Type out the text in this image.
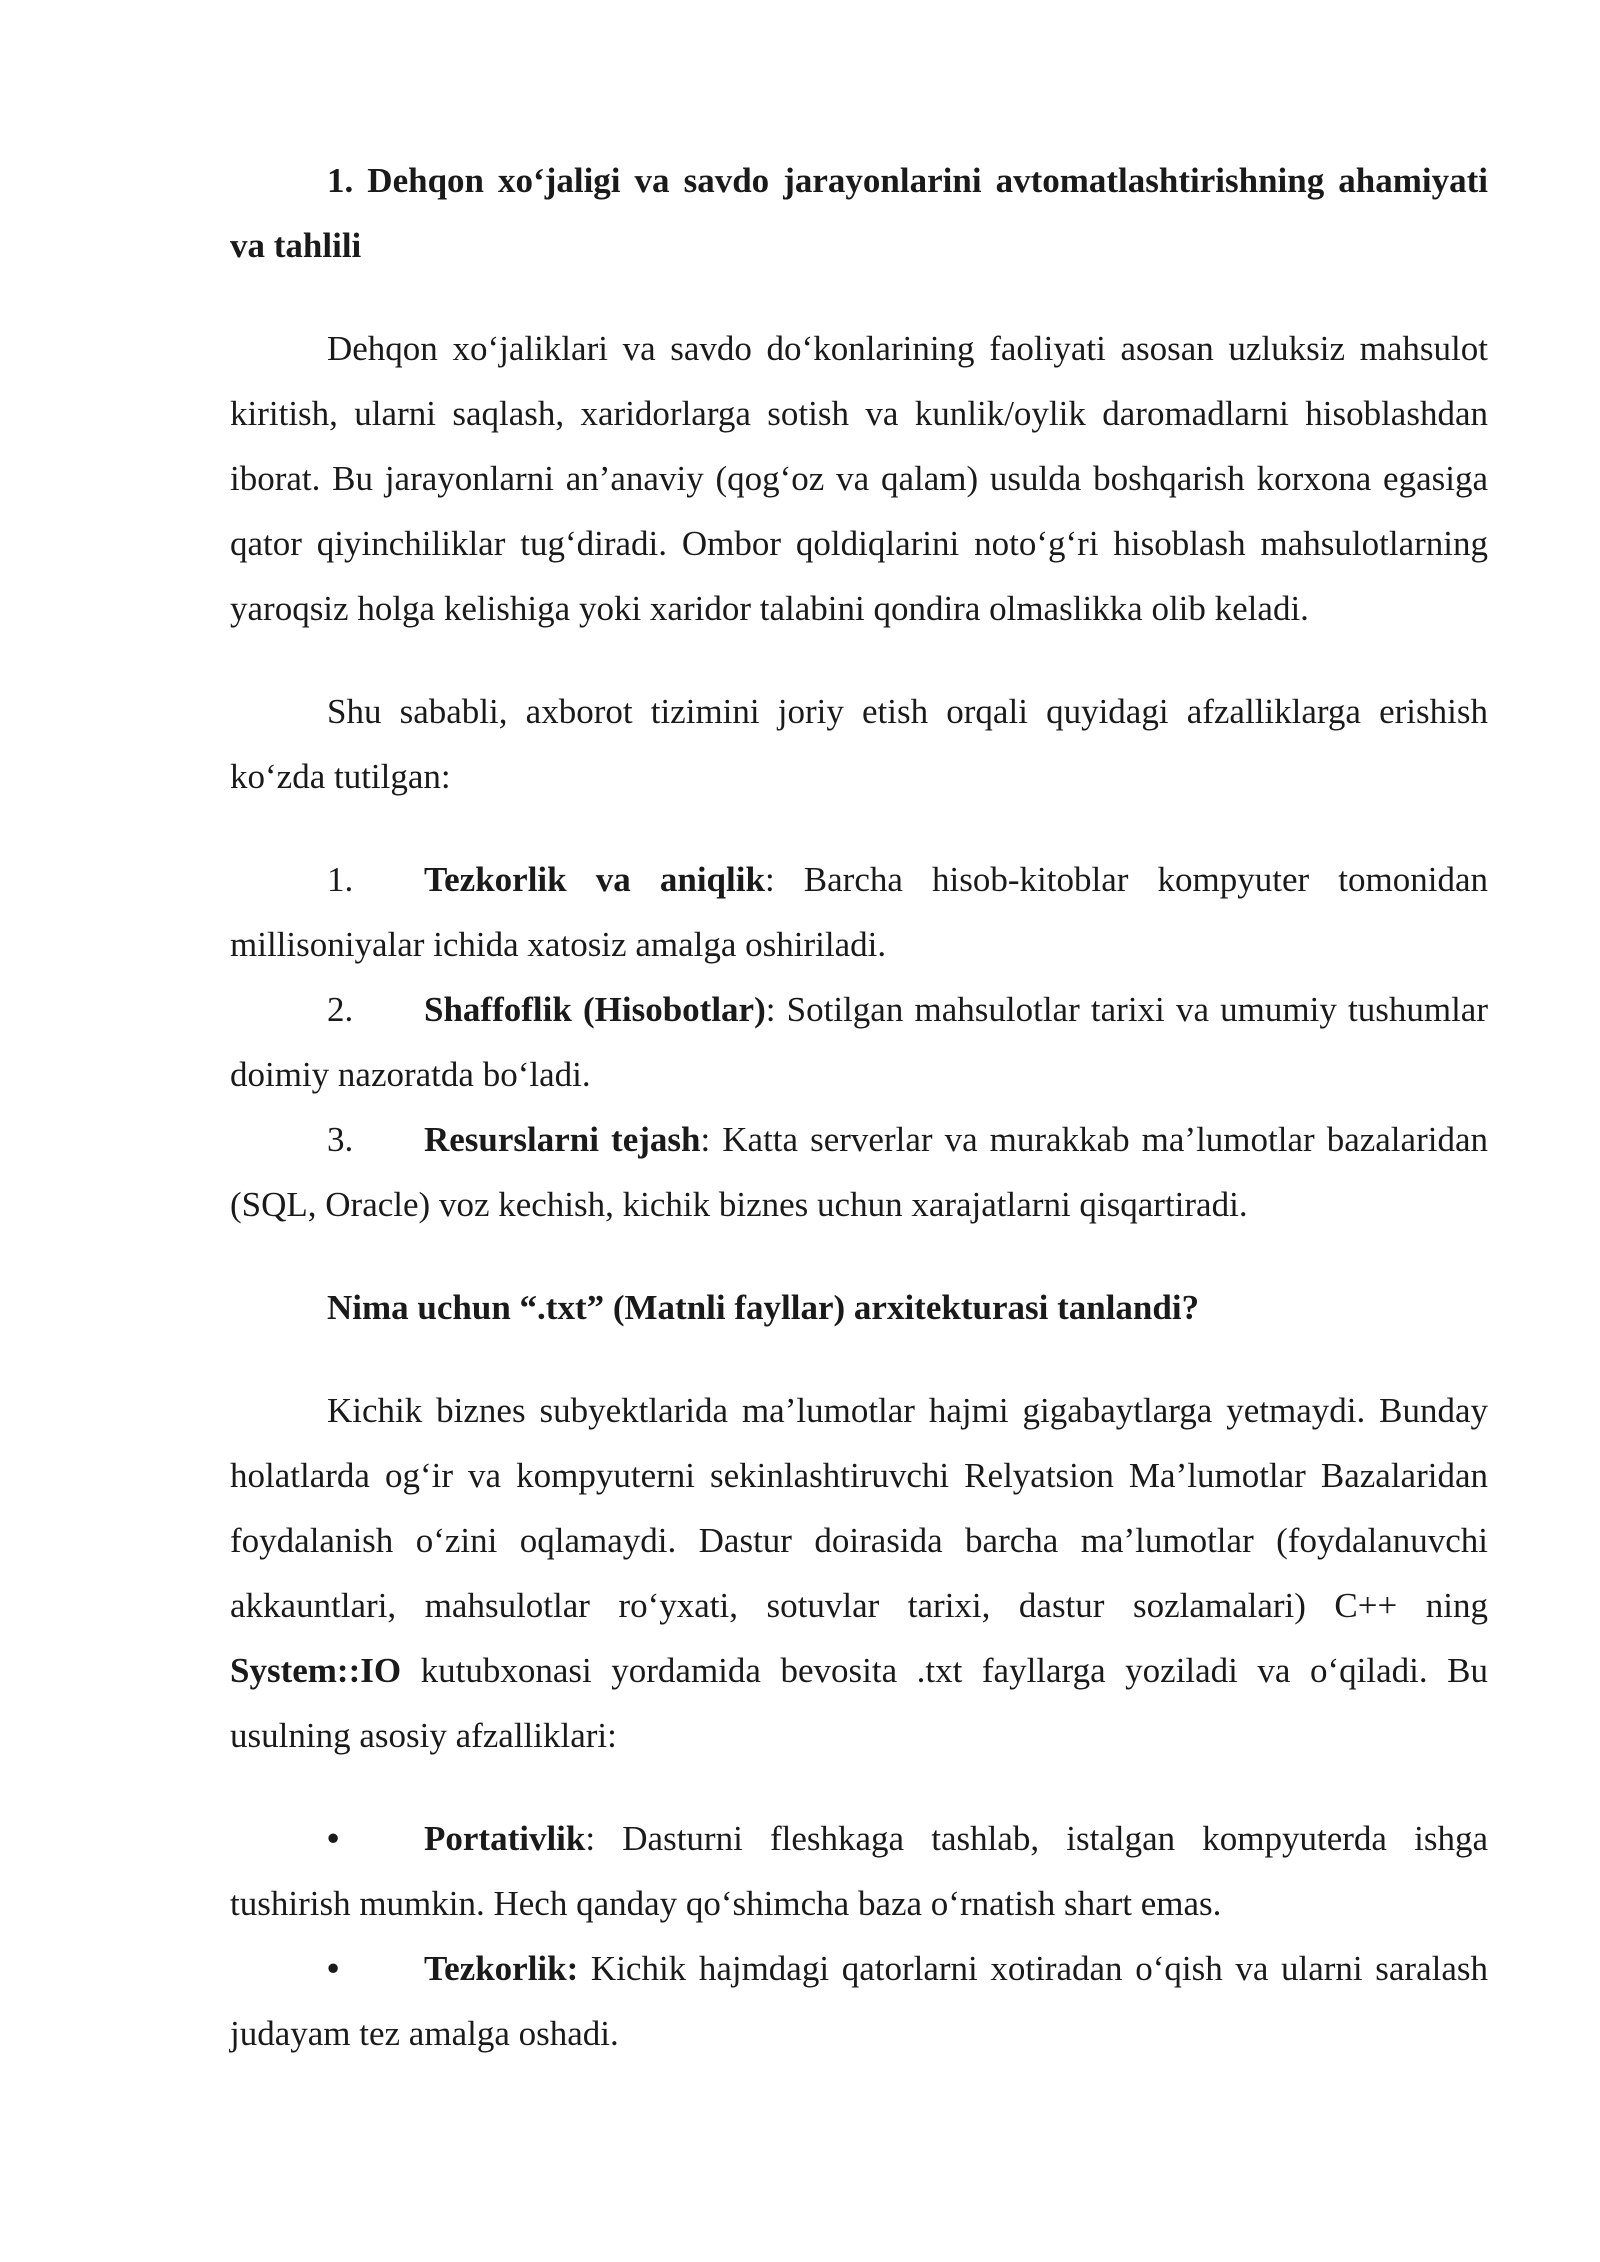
1. Dehqon xo‘jaligi va savdo jarayonlarini avtomatlashtirishning ahamiyati va tahlili

Dehqon xo‘jaliklari va savdo do‘konlarining faoliyati asosan uzluksiz mahsulot kiritish, ularni saqlash, xaridorlarga sotish va kunlik/oylik daromadlarni hisoblashdan iborat. Bu jarayonlarni an’anaviy (qog‘oz va qalam) usulda boshqarish korxona egasiga qator qiyinchiliklar tug‘diradi. Ombor qoldiqlarini noto‘g‘ri hisoblash mahsulotlarning yaroqsiz holga kelishiga yoki xaridor talabini qondira olmaslikka olib keladi.

Shu sababli, axborot tizimini joriy etish orqali quyidagi afzalliklarga erishish ko‘zda tutilgan:

1. Tezkorlik va aniqlik: Barcha hisob-kitoblar kompyuter tomonidan millisoniyalar ichida xatosiz amalga oshiriladi.

2. Shaffoflik (Hisobotlar): Sotilgan mahsulotlar tarixi va umumiy tushumlar doimiy nazoratda bo‘ladi.

3. Resurslarni tejash: Katta serverlar va murakkab ma’lumotlar bazalaridan (SQL, Oracle) voz kechish, kichik biznes uchun xarajatlarni qisqartiradi.

Nima uchun “.txt” (Matnli fayllar) arxitekturasi tanlandi?

Kichik biznes subyektlarida ma’lumotlar hajmi gigabaytlarga yetmaydi. Bunday holatlarda og‘ir va kompyuterni sekinlashtiruvchi Relyatsion Ma’lumotlar Bazalaridan foydalanish o‘zini oqlamaydi. Dastur doirasida barcha ma’lumotlar (foydalanuvchi akkauntlari, mahsulotlar ro‘yxati, sotuvlar tarixi, dastur sozlamalari) C++ ning System::IO kutubxonasi yordamida bevosita .txt fayllarga yoziladi va o‘qiladi. Bu usulning asosiy afzalliklari:

• Portativlik: Dasturni fleshkaga tashlab, istalgan kompyuterda ishga tushirish mumkin. Hech qanday qo‘shimcha baza o‘rnatish shart emas.

• Tezkorlik: Kichik hajmdagi qatorlarni xotiradan o‘qish va ularni saralash judayam tez amalga oshadi.
